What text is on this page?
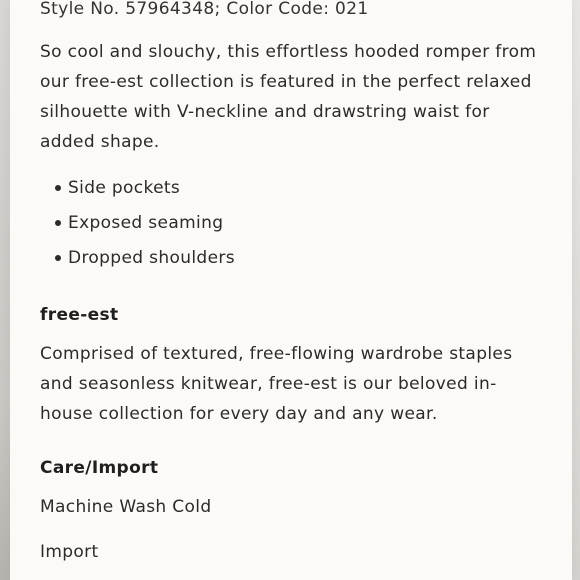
Style No. 57964348; Color Code: 021

So cool and slouchy, this effortless hooded romper from our free-est collection is featured in the perfect relaxed silhouette with V-neckline and drawstring waist for added shape.

Side pockets
Exposed seaming
Dropped shoulders
free-est

Comprised of textured, free-flowing wardrobe staples and seasonless knitwear, free-est is our beloved in-house collection for every day and any wear.

Care/Import
Machine Wash Cold
Import
